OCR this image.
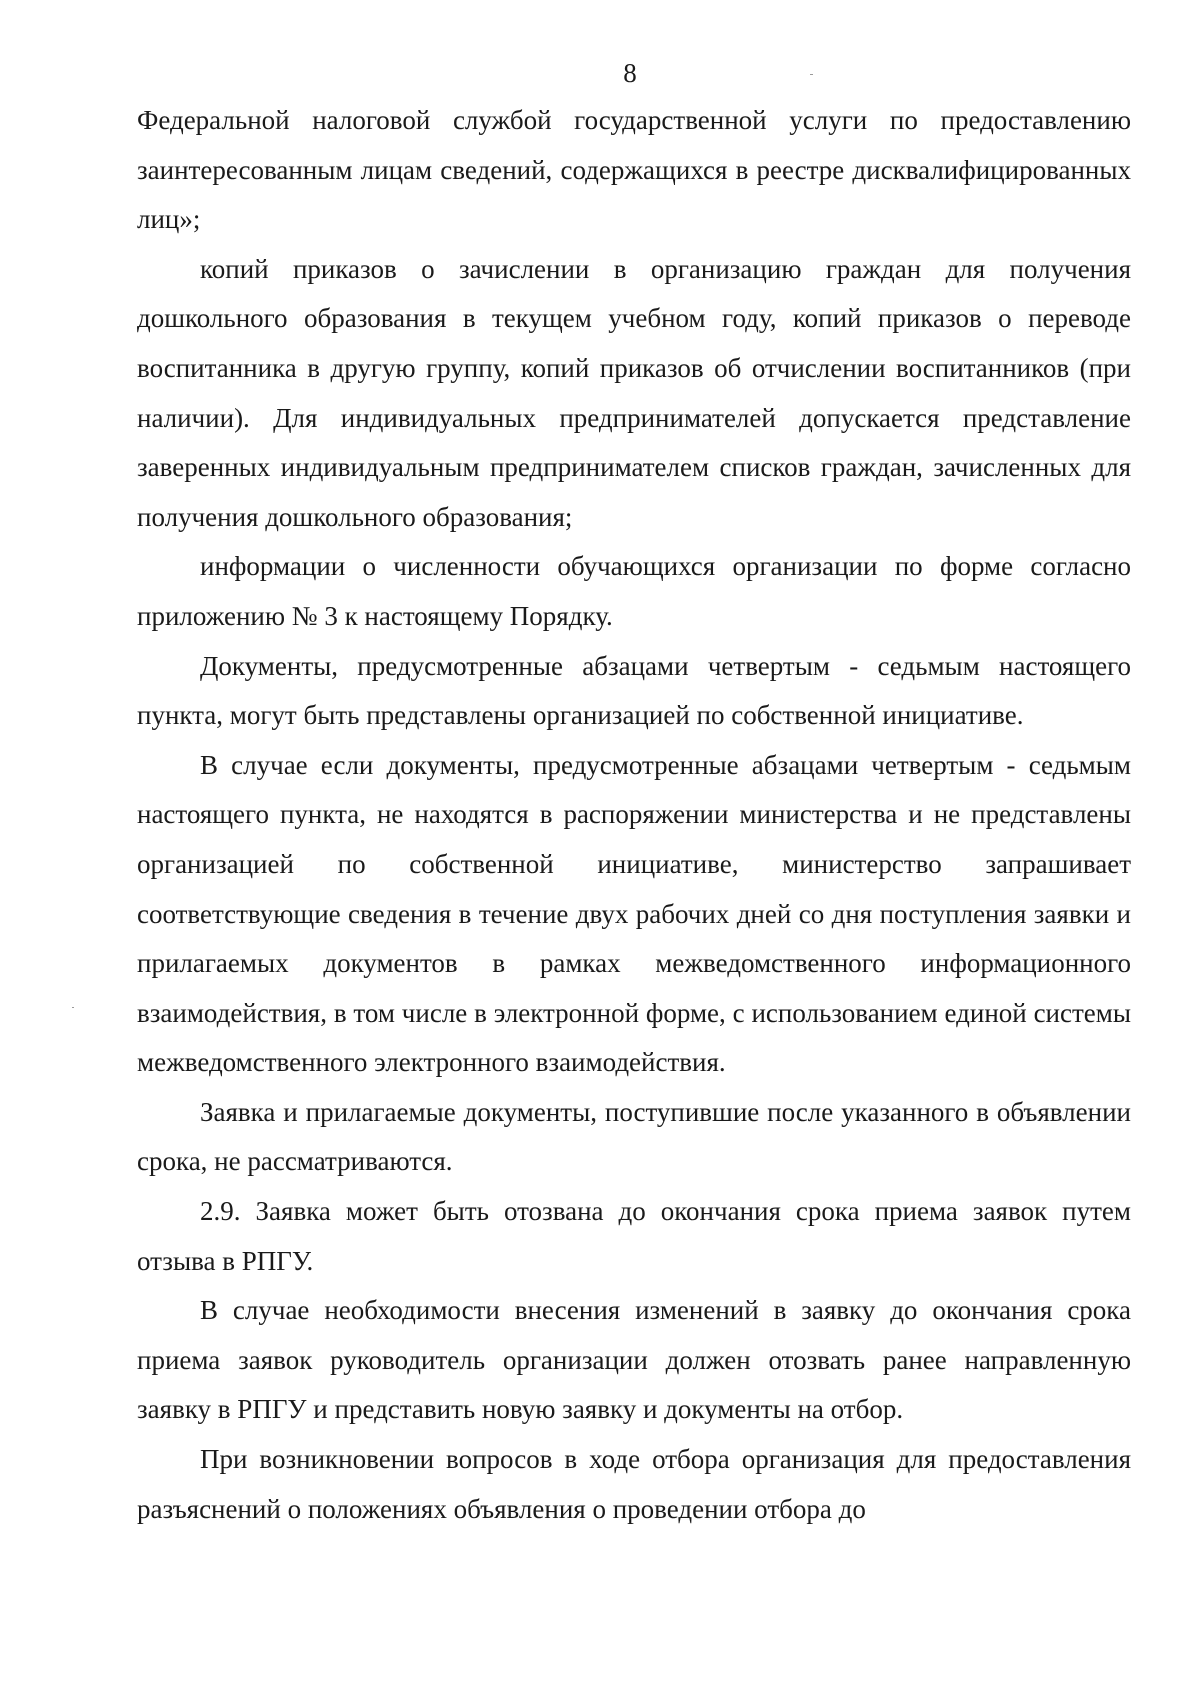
8

Федеральной налоговой службой государственной услуги по предоставлению заинтересованным лицам сведений, содержащихся в реестре дисквалифицированных лиц»;

копий приказов о зачислении в организацию граждан для получения дошкольного образования в текущем учебном году, копий приказов о переводе воспитанника в другую группу, копий приказов об отчислении воспитанников (при наличии). Для индивидуальных предпринимателей допускается представление заверенных индивидуальным предпринимателем списков граждан, зачисленных для получения дошкольного образования;

информации о численности обучающихся организации по форме согласно приложению № 3 к настоящему Порядку.

Документы, предусмотренные абзацами четвертым - седьмым настоящего пункта, могут быть представлены организацией по собственной инициативе.

В случае если документы, предусмотренные абзацами четвертым - седьмым настоящего пункта, не находятся в распоряжении министерства и не представлены организацией по собственной инициативе, министерство запрашивает соответствующие сведения в течение двух рабочих дней со дня поступления заявки и прилагаемых документов в рамках межведомственного информационного взаимодействия, в том числе в электронной форме, с использованием единой системы межведомственного электронного взаимодействия.

Заявка и прилагаемые документы, поступившие после указанного в объявлении срока, не рассматриваются.

2.9. Заявка может быть отозвана до окончания срока приема заявок путем отзыва в РПГУ.

В случае необходимости внесения изменений в заявку до окончания срока приема заявок руководитель организации должен отозвать ранее направленную заявку в РПГУ и представить новую заявку и документы на отбор.

При возникновении вопросов в ходе отбора организация для предоставления разъяснений о положениях объявления о проведении отбора до
